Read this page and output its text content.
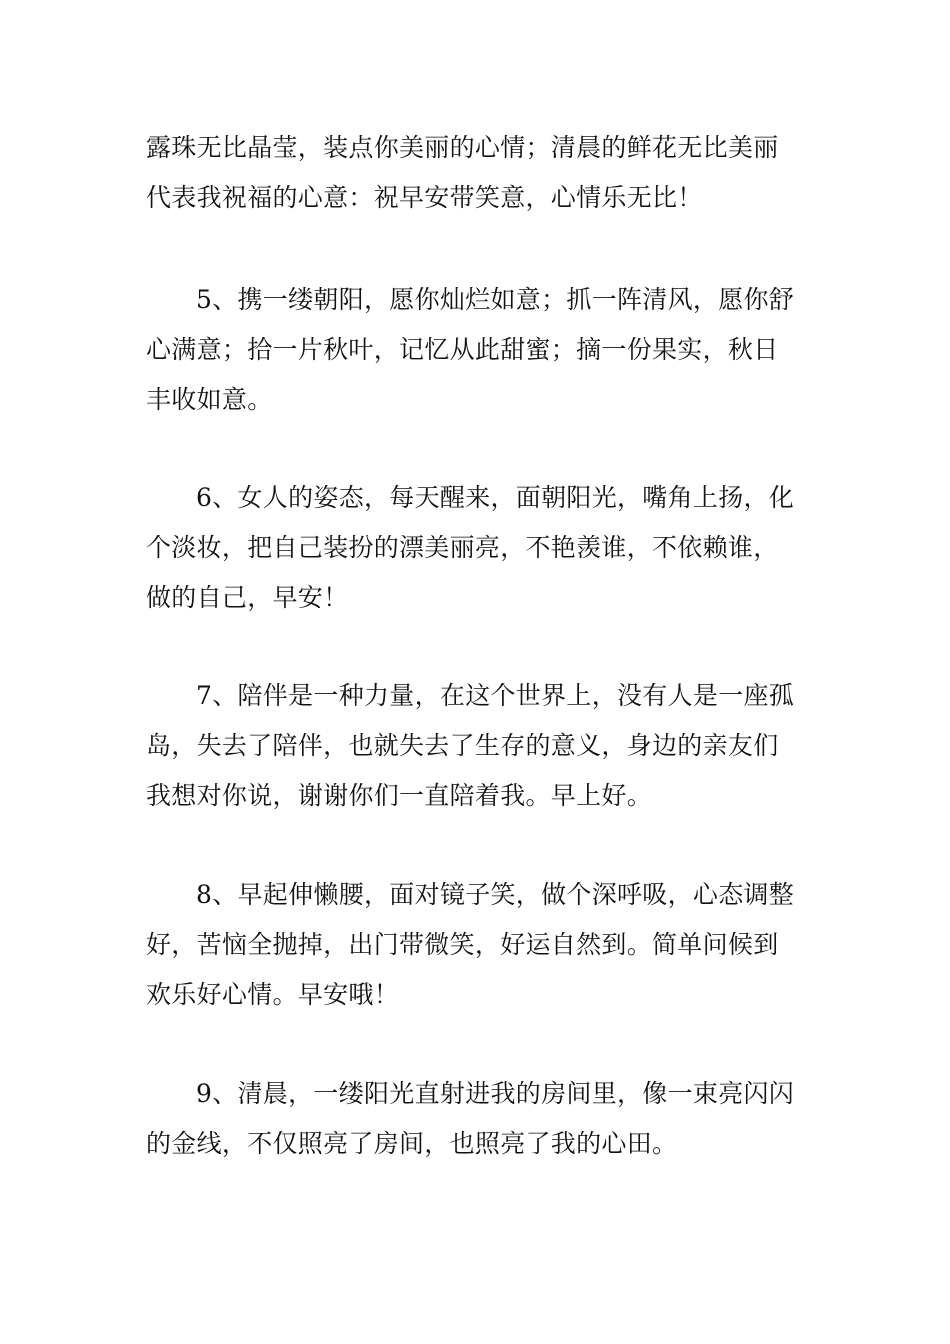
露珠无比晶莹，装点你美丽的心情；清晨的鲜花无比美丽
代表我祝福的心意：祝早安带笑意，心情乐无比！
5、携一缕朝阳，愿你灿烂如意；抓一阵清风，愿你舒
心满意；拾一片秋叶，记忆从此甜蜜；摘一份果实，秋日
丰收如意。
6、女人的姿态，每天醒来，面朝阳光，嘴角上扬，化
个淡妆，把自己装扮的漂美丽亮，不艳羡谁，不依赖谁，
做的自己，早安！
7、陪伴是一种力量，在这个世界上，没有人是一座孤
岛，失去了陪伴，也就失去了生存的意义，身边的亲友们
我想对你说，谢谢你们一直陪着我。早上好。
8、早起伸懒腰，面对镜子笑，做个深呼吸，心态调整
好，苦恼全抛掉，出门带微笑，好运自然到。简单问候到
欢乐好心情。早安哦！
9、清晨，一缕阳光直射进我的房间里，像一束亮闪闪
的金线，不仅照亮了房间，也照亮了我的心田。
